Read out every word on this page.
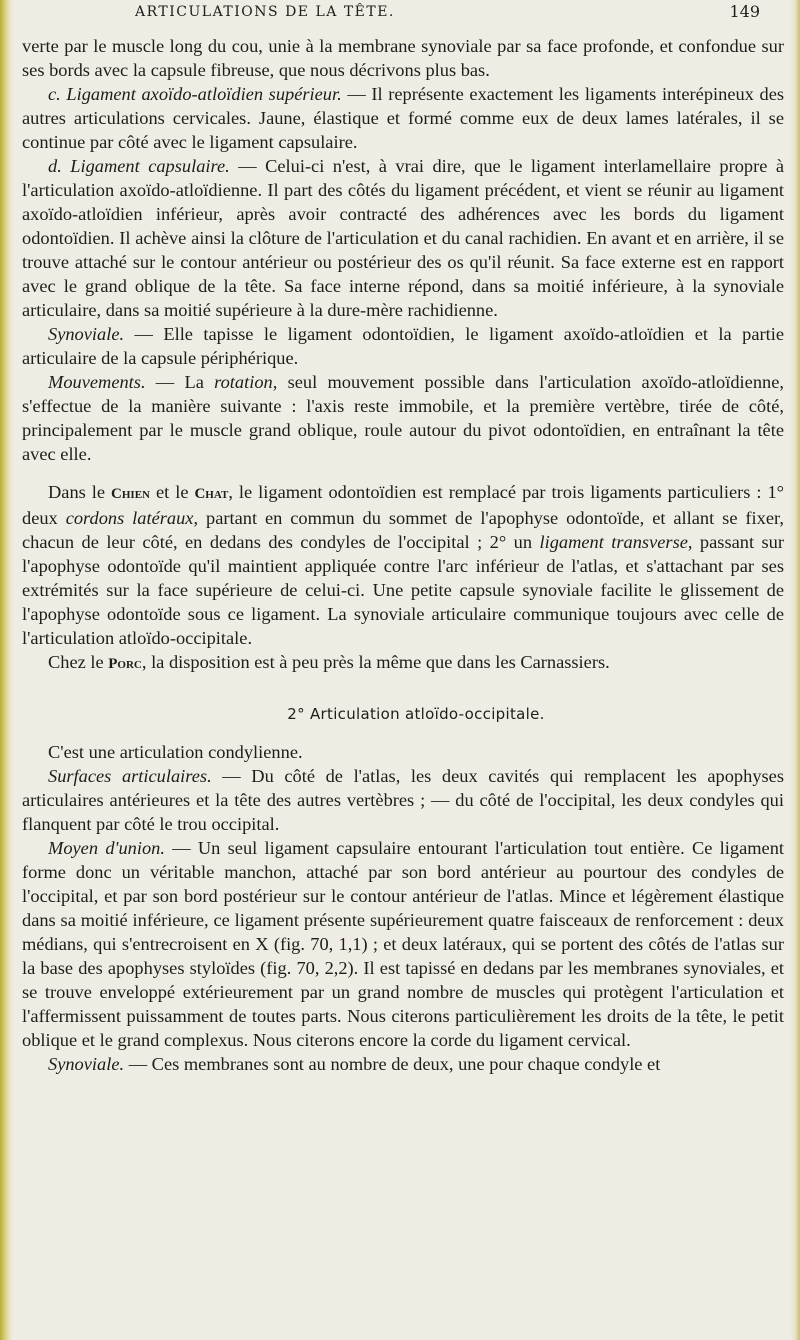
ARTICULATIONS DE LA TÊTE.	149

verte par le muscle long du cou, unie à la membrane synoviale par sa face profonde, et confondue sur ses bords avec la capsule fibreuse, que nous décrivons plus bas.

c. Ligament axoïdo-atloïdien supérieur. — Il représente exactement les ligaments interépineux des autres articulations cervicales. Jaune, élastique et formé comme eux de deux lames latérales, il se continue par côté avec le ligament capsulaire.

d. Ligament capsulaire. — Celui-ci n'est, à vrai dire, que le ligament interlamellaire propre à l'articulation axoïdo-atloïdienne. Il part des côtés du ligament précédent, et vient se réunir au ligament axoïdo-atloïdien inférieur, après avoir contracté des adhérences avec les bords du ligament odontoïdien. Il achève ainsi la clôture de l'articulation et du canal rachidien. En avant et en arrière, il se trouve attaché sur le contour antérieur ou postérieur des os qu'il réunit. Sa face externe est en rapport avec le grand oblique de la tête. Sa face interne répond, dans sa moitié inférieure, à la synoviale articulaire, dans sa moitié supérieure à la dure-mère rachidienne.

Synoviale. — Elle tapisse le ligament odontoïdien, le ligament axoïdo-atloïdien et la partie articulaire de la capsule périphérique.

Mouvements. — La rotation, seul mouvement possible dans l'articulation axoïdo-atloïdienne, s'effectue de la manière suivante : l'axis reste immobile, et la première vertèbre, tirée de côté, principalement par le muscle grand oblique, roule autour du pivot odontoïdien, en entraînant la tête avec elle.

Dans le Chien et le Chat, le ligament odontoïdien est remplacé par trois ligaments particuliers : 1° deux cordons latéraux, partant en commun du sommet de l'apophyse odontoïde, et allant se fixer, chacun de leur côté, en dedans des condyles de l'occipital ; 2° un ligament transverse, passant sur l'apophyse odontoïde qu'il maintient appliquée contre l'arc inférieur de l'atlas, et s'attachant par ses extrémités sur la face supérieure de celui-ci. Une petite capsule synoviale facilite le glissement de l'apophyse odontoïde sous ce ligament. La synoviale articulaire communique toujours avec celle de l'articulation atloïdo-occipitale.

Chez le Porc, la disposition est à peu près la même que dans les Carnassiers.

2° Articulation atloïdo-occipitale.

C'est une articulation condylienne.

Surfaces articulaires. — Du côté de l'atlas, les deux cavités qui remplacent les apophyses articulaires antérieures et la tête des autres vertèbres ; — du côté de l'occipital, les deux condyles qui flanquent par côté le trou occipital.

Moyen d'union. — Un seul ligament capsulaire entourant l'articulation tout entière. Ce ligament forme donc un véritable manchon, attaché par son bord antérieur au pourtour des condyles de l'occipital, et par son bord postérieur sur le contour antérieur de l'atlas. Mince et légèrement élastique dans sa moitié inférieure, ce ligament présente supérieurement quatre faisceaux de renforcement : deux médians, qui s'entrecroisent en X (fig. 70, 1,1) ; et deux latéraux, qui se portent des côtés de l'atlas sur la base des apophyses styloïdes (fig. 70, 2,2). Il est tapissé en dedans par les membranes synoviales, et se trouve enveloppé extérieurement par un grand nombre de muscles qui protègent l'articulation et l'affermissent puissamment de toutes parts. Nous citerons particulièrement les droits de la tête, le petit oblique et le grand complexus. Nous citerons encore la corde du ligament cervical.

Synoviale. — Ces membranes sont au nombre de deux, une pour chaque condyle et
